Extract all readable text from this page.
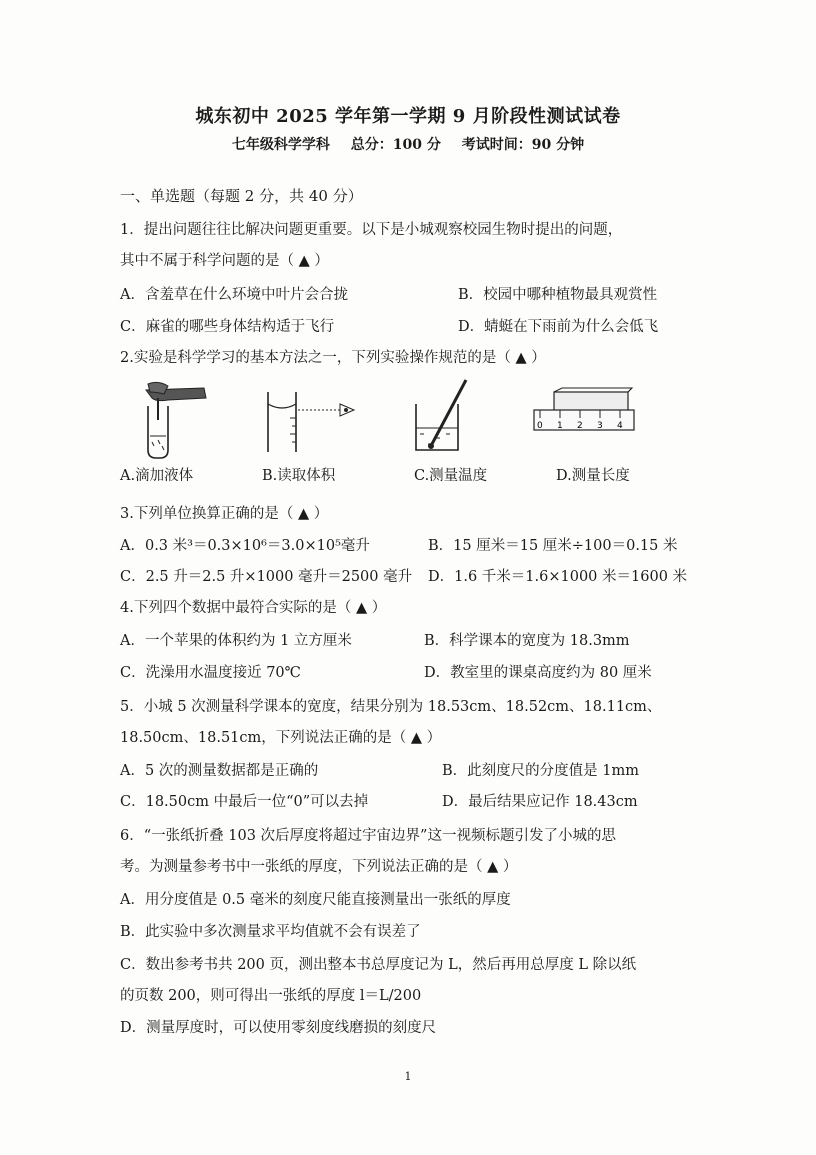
城东初中 2025 学年第一学期 9 月阶段性测试试卷
七年级科学学科 总分：100 分 考试时间：90 分钟
一、单选题（每题 2 分，共 40 分）
1．提出问题往往比解决问题更重要。以下是小城观察校园生物时提出的问题，
其中不属于科学问题的是（ ▲ ）
A．含羞草在什么环境中叶片会合拢	B．校园中哪种植物最具观赏性
C．麻雀的哪些身体结构适于飞行	D．蜻蜓在下雨前为什么会低飞
2.实验是科学学习的基本方法之一，下列实验操作规范的是（ ▲ ）
0 1 2 3 4
A.滴加液体	B.读取体积	C.测量温度	D.测量长度
3.下列单位换算正确的是（ ▲ ）
A．0.3 米³＝0.3×10⁶＝3.0×10⁵毫升	B．15 厘米＝15 厘米÷100＝0.15 米
C．2.5 升＝2.5 升×1000 毫升＝2500 毫升 D．1.6 千米＝1.6×1000 米＝1600 米
4.下列四个数据中最符合实际的是（ ▲ ）
A．一个苹果的体积约为 1 立方厘米	B．科学课本的宽度为 18.3mm
C．洗澡用水温度接近 70℃	D．教室里的课桌高度约为 80 厘米
5．小城 5 次测量科学课本的宽度，结果分别为 18.53cm、18.52cm、18.11cm、
18.50cm、18.51cm，下列说法正确的是（ ▲ ）
A．5 次的测量数据都是正确的	B．此刻度尺的分度值是 1mm
C．18.50cm 中最后一位“0”可以去掉	D．最后结果应记作 18.43cm
6．“一张纸折叠 103 次后厚度将超过宇宙边界”这一视频标题引发了小城的思
考。为测量参考书中一张纸的厚度，下列说法正确的是（ ▲ ）
A．用分度值是 0.5 毫米的刻度尺能直接测量出一张纸的厚度
B．此实验中多次测量求平均值就不会有误差了
C．数出参考书共 200 页，测出整本书总厚度记为 L，然后再用总厚度 L 除以纸
的页数 200，则可得出一张纸的厚度 l＝L/200
D．测量厚度时，可以使用零刻度线磨损的刻度尺
1
